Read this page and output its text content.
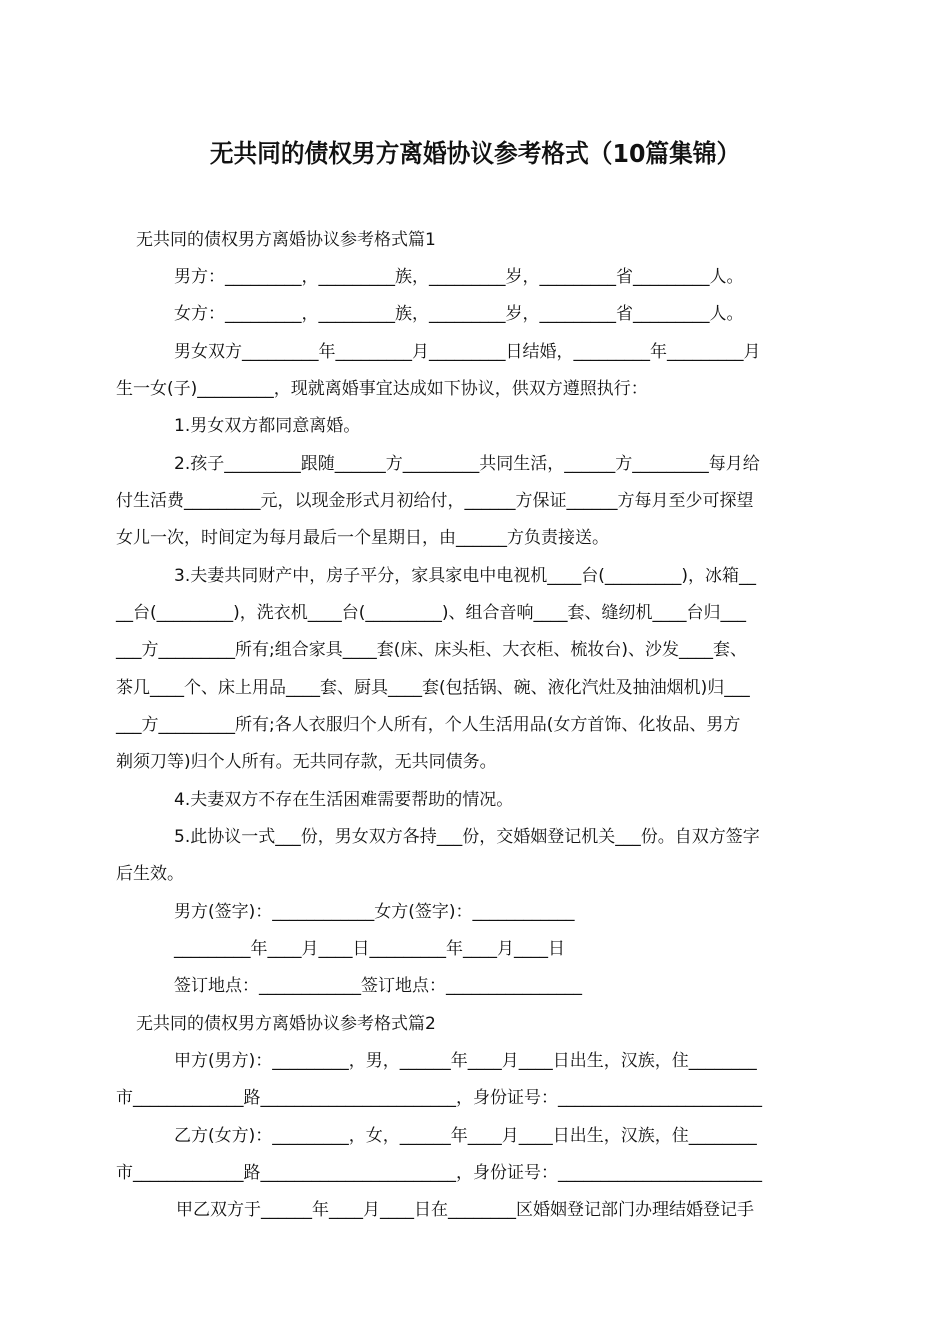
无共同的债权男方离婚协议参考格式（10篇集锦）
无共同的债权男方离婚协议参考格式篇1
男方：_________，_________族，_________岁，_________省_________人。
女方：_________，_________族，_________岁，_________省_________人。
男女双方_________年_________月_________日结婚，_________年_________月
生一女(子)_________，现就离婚事宜达成如下协议，供双方遵照执行：
1.男女双方都同意离婚。
2.孩子_________跟随______方_________共同生活，______方_________每月给
付生活费_________元，以现金形式月初给付，______方保证______方每月至少可探望
女儿一次，时间定为每月最后一个星期日，由______方负责接送。
3.夫妻共同财产中，房子平分，家具家电中电视机____台(_________)，冰箱__
__台(_________)，洗衣机____台(_________)、组合音响____套、缝纫机____台归___
___方_________所有;组合家具____套(床、床头柜、大衣柜、梳妆台)、沙发____套、
茶几____个、床上用品____套、厨具____套(包括锅、碗、液化汽灶及抽油烟机)归___
___方_________所有;各人衣服归个人所有，个人生活用品(女方首饰、化妆品、男方
剃须刀等)归个人所有。无共同存款，无共同债务。
4.夫妻双方不存在生活困难需要帮助的情况。
5.此协议一式___份，男女双方各持___份，交婚姻登记机关___份。自双方签字
后生效。
男方(签字)：____________女方(签字)：____________
_________年____月____日_________年____月____日
签订地点：____________签订地点：________________
无共同的债权男方离婚协议参考格式篇2
甲方(男方)：_________，男，______年____月____日出生，汉族，住________
市_____________路_______________________，身份证号：________________________
乙方(女方)：_________，女，______年____月____日出生，汉族，住________
市_____________路_______________________，身份证号：________________________
甲乙双方于______年____月____日在________区婚姻登记部门办理结婚登记手
